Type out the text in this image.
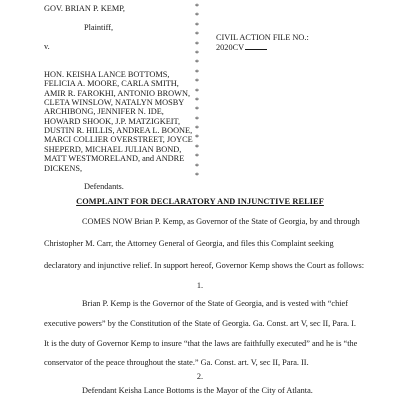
GOV. BRIAN P. KEMP,
Plaintiff,
v.
HON. KEISHA LANCE BOTTOMS,
FELICIA A. MOORE, CARLA SMITH,
AMIR R. FAROKHI, ANTONIO BROWN,
CLETA WINSLOW, NATALYN MOSBY
ARCHIBONG, JENNIFER N. IDE,
HOWARD SHOOK, J.P. MATZIGKEIT,
DUSTIN R. HILLIS, ANDREA L. BOONE,
MARCI COLLIER OVERSTREET, JOYCE
SHEPERD, MICHAEL JULIAN BOND,
MATT WESTMORELAND, and ANDRE
DICKENS,
Defendants.
*
*
*
*
*
*
*
*
*
*
*
*
*
*
*
*
*
*
*
CIVIL ACTION FILE NO.:
2020CV
COMPLAINT FOR DECLARATORY AND INJUNCTIVE RELIEF
COMES NOW Brian P. Kemp, as Governor of the State of Georgia, by and through
Christopher M. Carr, the Attorney General of Georgia, and files this Complaint seeking
declaratory and injunctive relief. In support hereof, Governor Kemp shows the Court as follows:
1.
Brian P. Kemp is the Governor of the State of Georgia, and is vested with “chief
executive powers” by the Constitution of the State of Georgia. Ga. Const. art V, sec II, Para. I.
It is the duty of Governor Kemp to insure “that the laws are faithfully executed” and he is “the
conservator of the peace throughout the state.” Ga. Const. art. V, sec II, Para. II.
2.
Defendant Keisha Lance Bottoms is the Mayor of the City of Atlanta.
